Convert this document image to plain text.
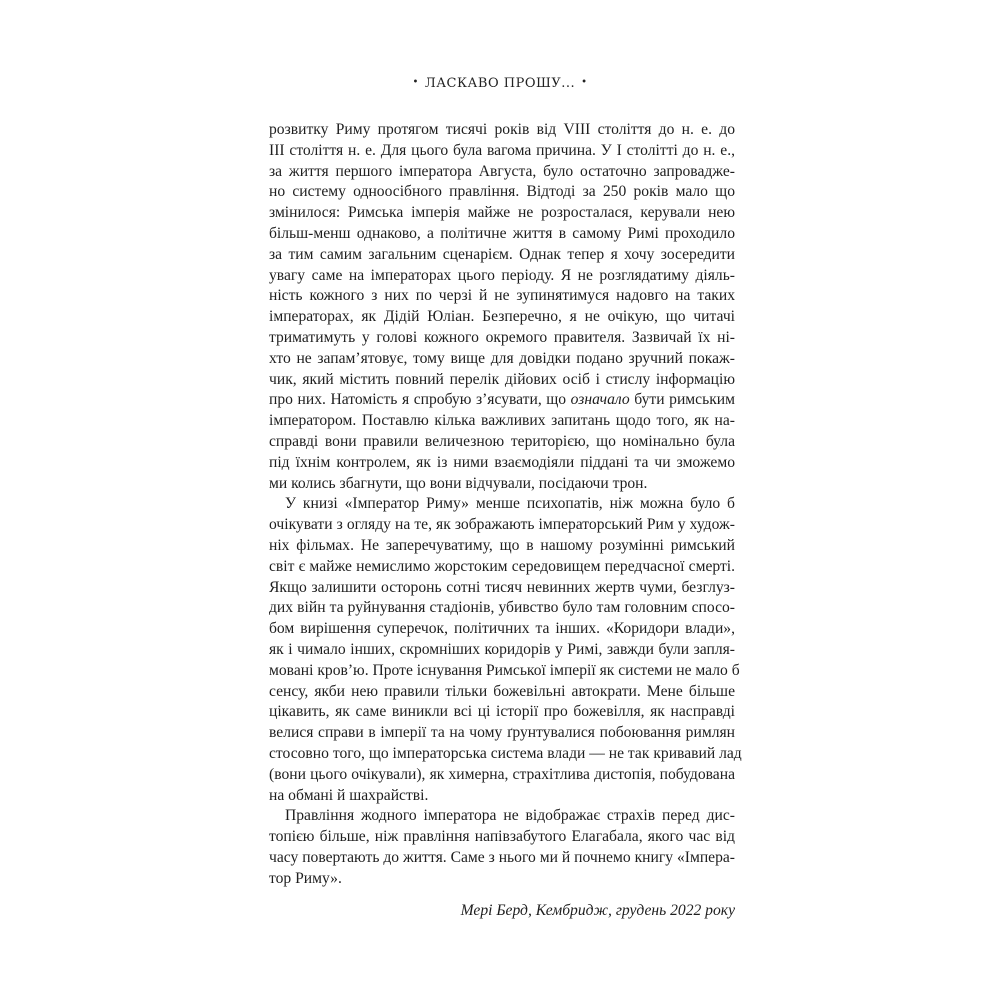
• ЛАСКАВО ПРОШУ... •

розвитку Риму протягом тисячі років від VIII століття до н. е. до
III століття н. е. Для цього була вагома причина. У I столітті до н. е.,
за життя першого імператора Августа, було остаточно запровадже-
но систему одноосібного правління. Відтоді за 250 років мало що
змінилося: Римська імперія майже не розросталася, керували нею
більш-менш однаково, а політичне життя в самому Римі проходило
за тим самим загальним сценарієм. Однак тепер я хочу зосередити
увагу саме на імператорах цього періоду. Я не розглядатиму діяль-
ність кожного з них по черзі й не зупинятимуся надовго на таких
імператорах, як Дідій Юліан. Безперечно, я не очікую, що читачі
триматимуть у голові кожного окремого правителя. Зазвичай їх ні-
хто не запам’ятовує, тому вище для довідки подано зручний покаж-
чик, який містить повний перелік дійових осіб і стислу інформацію
про них. Натомість я спробую з’ясувати, що означало бути римським
імператором. Поставлю кілька важливих запитань щодо того, як на-
справді вони правили величезною територією, що номінально була
під їхнім контролем, як із ними взаємодіяли піддані та чи зможемо
ми колись збагнути, що вони відчували, посідаючи трон.

У книзі «Імператор Риму» менше психопатів, ніж можна було б
очікувати з огляду на те, як зображають імператорський Рим у худож-
ніх фільмах. Не заперечуватиму, що в нашому розумінні римський
світ є майже немислимо жорстоким середовищем передчасної смерті.
Якщо залишити осторонь сотні тисяч невинних жертв чуми, безглуз-
дих війн та руйнування стадіонів, убивство було там головним спосо-
бом вирішення суперечок, політичних та інших. «Коридори влади»,
як і чимало інших, скромніших коридорів у Римі, завжди були запля-
мовані кров’ю. Проте існування Римської імперії як системи не мало б
сенсу, якби нею правили тільки божевільні автократи. Мене більше
цікавить, як саме виникли всі ці історії про божевілля, як насправді
велися справи в імперії та на чому ґрунтувалися побоювання римлян
стосовно того, що імператорська система влади — не так кривавий лад
(вони цього очікували), як химерна, страхітлива дистопія, побудована
на обмані й шахрайстві.

Правління жодного імператора не відображає страхів перед дис-
топією більше, ніж правління напівзабутого Елагабала, якого час від
часу повертають до життя. Саме з нього ми й почнемо книгу «Імпера-
тор Риму».

Мері Берд, Кембридж, грудень 2022 року
